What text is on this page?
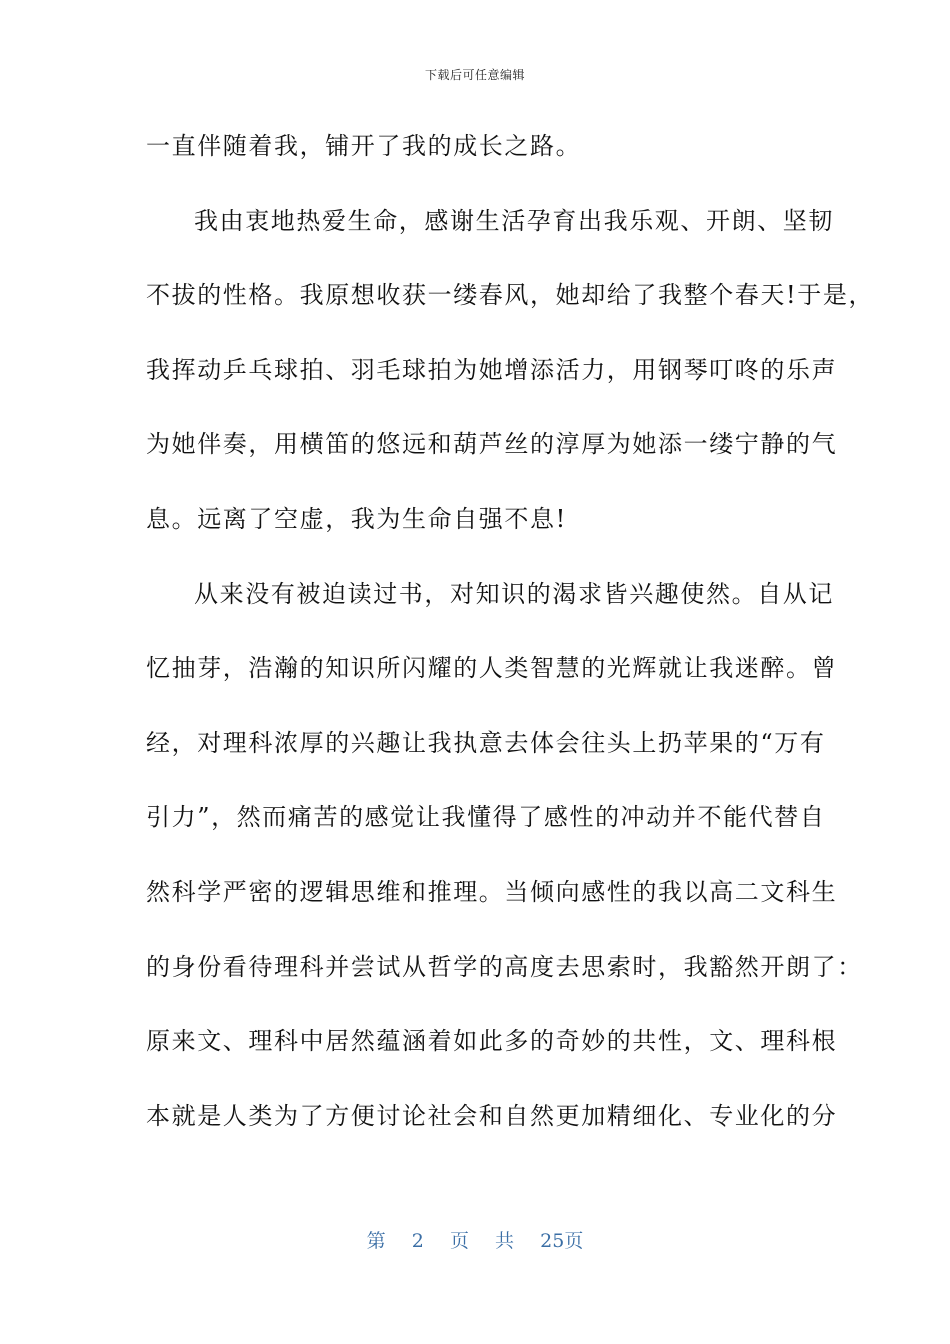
下载后可任意编辑
一直伴随着我，铺开了我的成长之路。
我由衷地热爱生命，感谢生活孕育出我乐观、开朗、坚韧
不拔的性格。我原想收获一缕春风，她却给了我整个春天!于是，
我挥动乒乓球拍、羽毛球拍为她增添活力，用钢琴叮咚的乐声
为她伴奏，用横笛的悠远和葫芦丝的淳厚为她添一缕宁静的气
息。远离了空虚，我为生命自强不息!
从来没有被迫读过书，对知识的渴求皆兴趣使然。自从记
忆抽芽，浩瀚的知识所闪耀的人类智慧的光辉就让我迷醉。曾
经，对理科浓厚的兴趣让我执意去体会往头上扔苹果的“万有
引力”，然而痛苦的感觉让我懂得了感性的冲动并不能代替自
然科学严密的逻辑思维和推理。当倾向感性的我以高二文科生
的身份看待理科并尝试从哲学的高度去思索时，我豁然开朗了：
原来文、理科中居然蕴涵着如此多的奇妙的共性，文、理科根
本就是人类为了方便讨论社会和自然更加精细化、专业化的分
第 2 页 共 25页
